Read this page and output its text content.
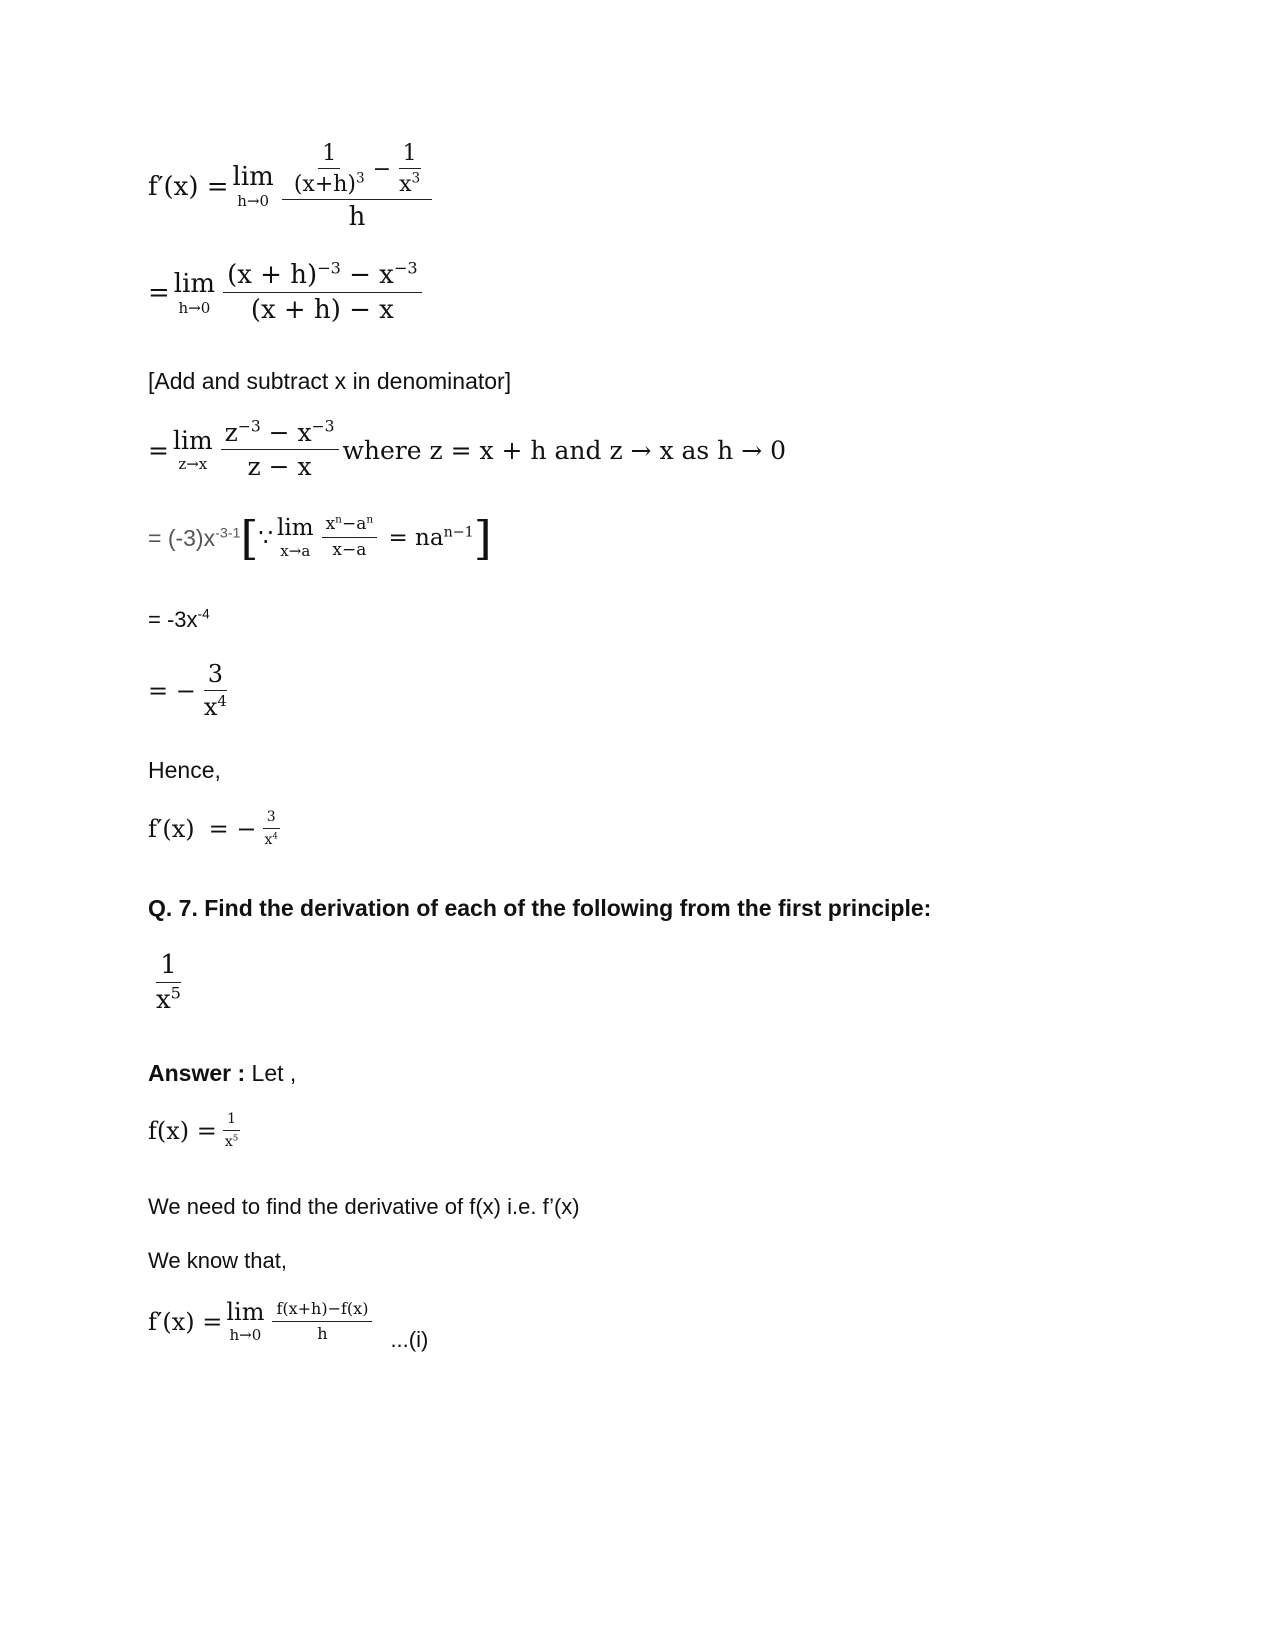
f′(x) = lim
h→0
$\frac{1}{(x+h)^3} - \frac{1}{x^3}$
h
= lim
$h\to 0 \frac{(x + h)^{-3} - x^{-3}}{(x + h) - x}$
[Add and subtract x in denominator]
= lim
$z\to x \frac{z^{-3} - x^{-3}}{z - x}$ where z = x + h and z → x as h → 0
= $(-3)x^{-3-1}$ [ ∵ lim
$x\to a \frac{x^n-a^n}{x-a} = na^{n-1}$ ]
= $-3x^{-4}$
= − $\frac{3}{x^4}$
Hence,
f′(x) = − $\frac{3}{x^4}$
Q. 7. Find the derivation of each of the following from the first principle:
$\frac{1}{x^5}$
Answer : Let ,
$f(x) = \frac{1}{x^5}$
We need to find the derivative of f(x) i.e. f’(x)
We know that,
f′(x) = lim
$h\to 0 \frac{f(x+h)-f(x)}{h} ...(i)$
